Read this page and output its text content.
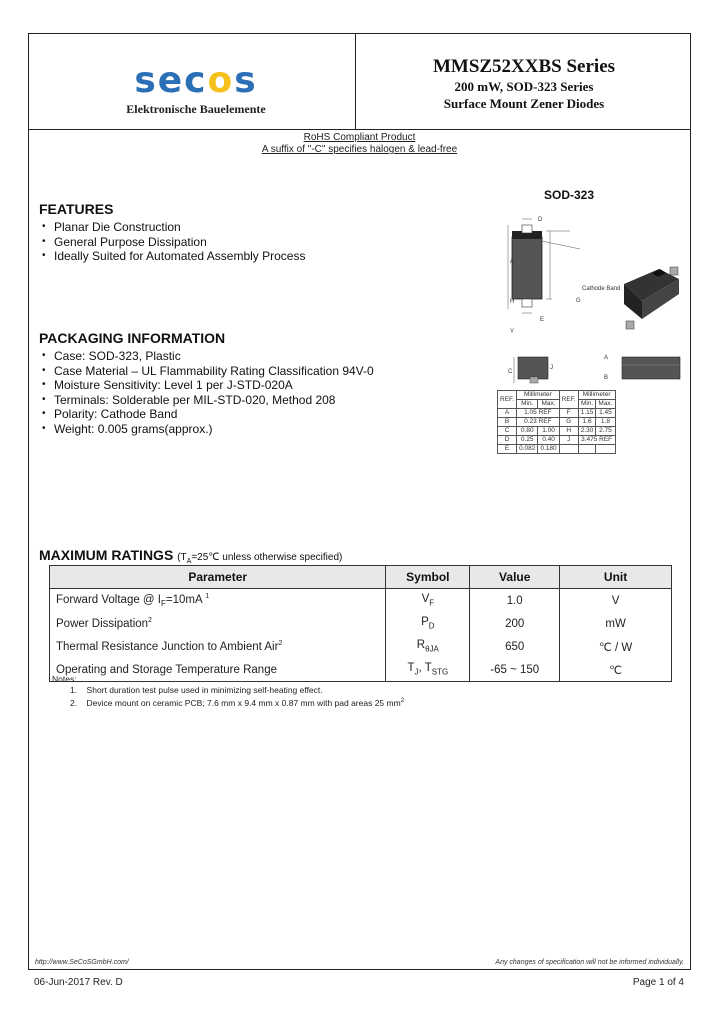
secos
Elektronische Bauelemente
MMSZ52XXBS Series
200 mW, SOD-323 Series
Surface Mount Zener Diodes
RoHS Compliant Product
A suffix of "-C" specifies halogen & lead-free
FEATURES
• Planar Die Construction
• General Purpose Dissipation
• Ideally Suited for Automated Assembly Process
PACKAGING INFORMATION
• Case: SOD-323, Plastic
• Case Material – UL Flammability Rating Classification 94V-0
• Moisture Sensitivity: Level 1 per J-STD-020A
• Terminals: Solderable per MIL-STD-020, Method 208
• Polarity: Cathode Band
• Weight: 0.005 grams(approx.)
SOD-323
D
A
H	G
Y
E
Cathode Band
C
J
A
B
REF.	Millimeter		REF.	Millimeter	
	Min.	Max.		Min.	Max.
A	1.05 REF		F	1.15	1.45
B	0.23 REF		G	1.6	1.8
C	0.80	1.00	H	2.30	2.75
D	0.25	0.40	J	3.475 REF	
E	0.082	0.180			
MAXIMUM RATINGS ($T_A=25℃$ unless otherwise specified)
Parameter	Symbol	Value	Unit
Forward Voltage @ $I_F=10mA$ $^1$	$V_F$	1.0	V
Power Dissipation$^2$	$P_D$	200	mW
Thermal Resistance Junction to Ambient Air$^2$	$R_{\theta JA}$	650	℃ / W
Operating and Storage Temperature Range	$T_J$, $T_{STG}$	-65 ~ 150	℃
Notes:
1. Short duration test pulse used in minimizing self-heating effect.
2. Device mount on ceramic PCB; 7.6 mm x 9.4 mm x 0.87 mm with pad areas 25 $mm^2$
http://www.SeCoSGmbH.com/	Any changes of specification will not be informed individually.
06-Jun-2017 Rev. D	Page 1 of 4
